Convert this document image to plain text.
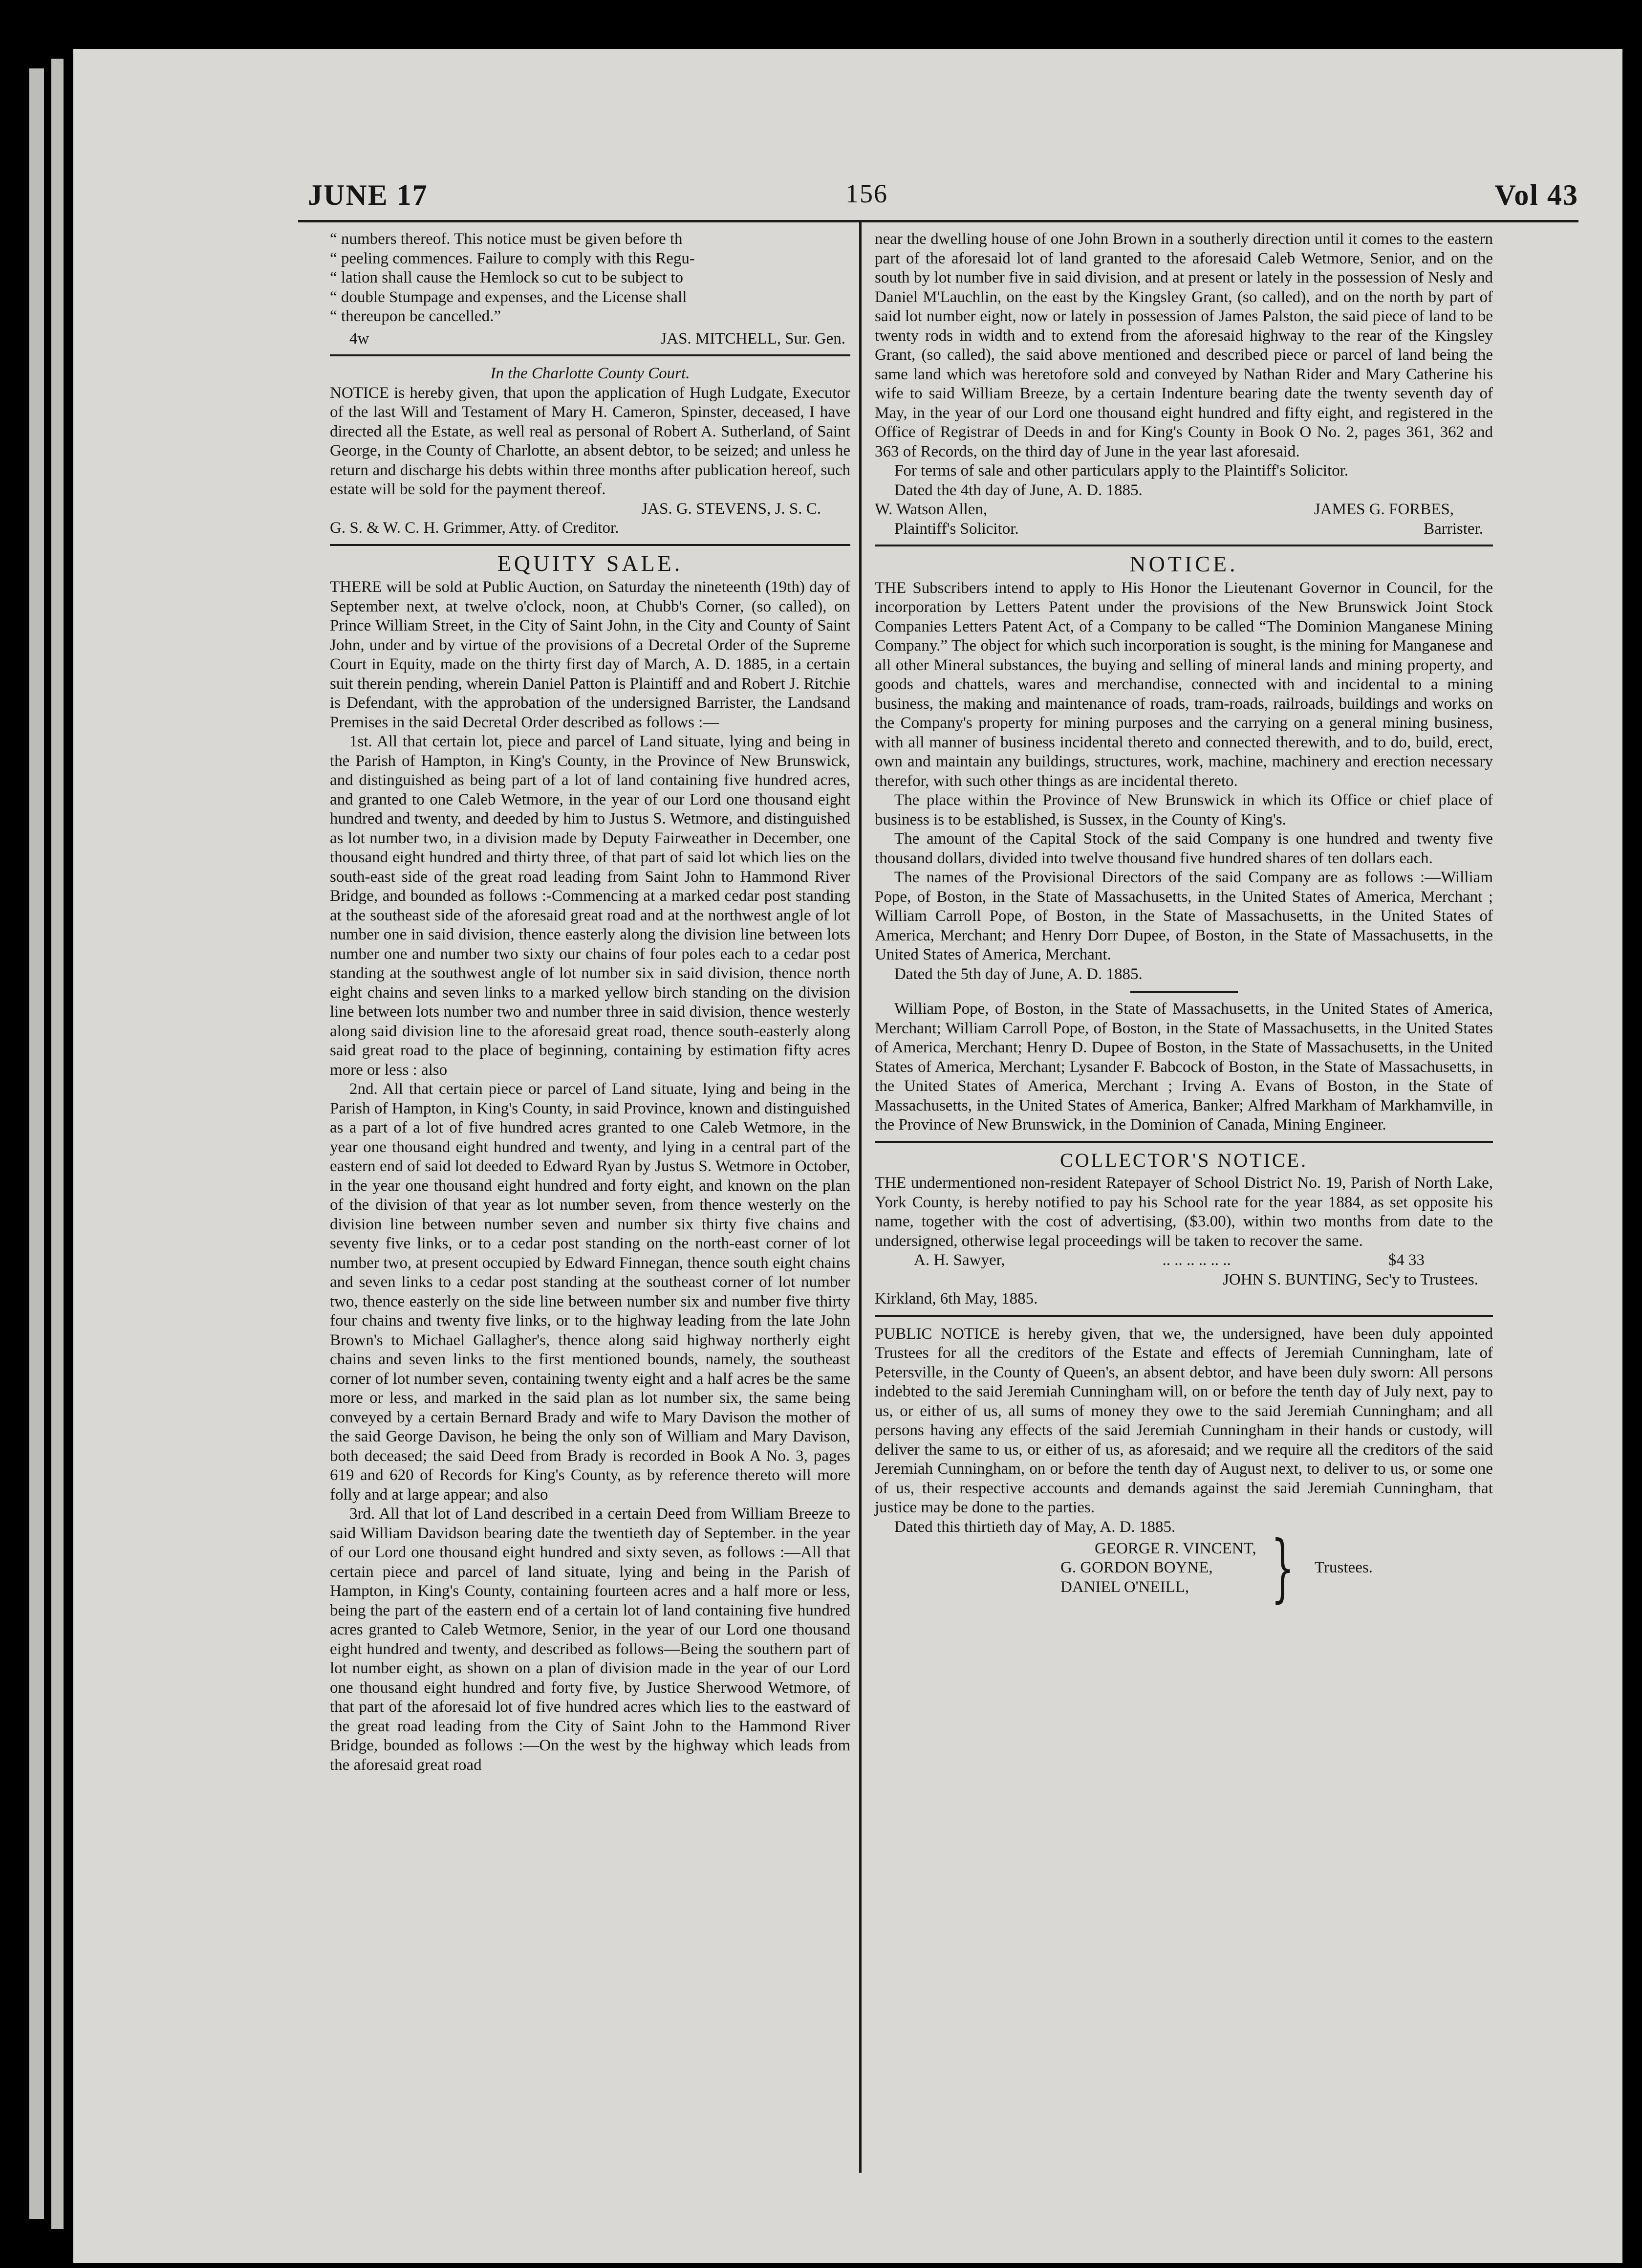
JUNE 17	156	Vol 43

“ numbers thereof. This notice must be given before th

“ peeling commences. Failure to comply with this Regu-

“ lation shall cause the Hemlock so cut to be subject to

“ double Stumpage and expenses, and the License shall

“ thereupon be cancelled.”

4w	JAS. MITCHELL, Sur. Gen.

In the Charlotte County Court.

NOTICE is hereby given, that upon the application of Hugh Ludgate, Executor of the last Will and Testament of Mary H. Cameron, Spinster, deceased, I have directed all the Estate, as well real as personal of Robert A. Sutherland, of Saint George, in the County of Charlotte, an absent debtor, to be seized; and unless he return and discharge his debts within three months after publication hereof, such estate will be sold for the payment thereof.

JAS. G. STEVENS, J. S. C.

G. S. & W. C. H. Grimmer, Atty. of Creditor.

EQUITY SALE.

THERE will be sold at Public Auction, on Saturday the nineteenth (19th) day of September next, at twelve o'clock, noon, at Chubb's Corner, (so called), on Prince William Street, in the City of Saint John, in the City and County of Saint John, under and by virtue of the provisions of a Decretal Order of the Supreme Court in Equity, made on the thirty first day of March, A. D. 1885, in a certain suit therein pending, wherein Daniel Patton is Plaintiff and and Robert J. Ritchie is Defendant, with the approbation of the undersigned Barrister, the Landsand Premises in the said Decretal Order described as follows :—

1st. All that certain lot, piece and parcel of Land situate, lying and being in the Parish of Hampton, in King's County, in the Province of New Brunswick, and distinguished as being part of a lot of land containing five hundred acres, and granted to one Caleb Wetmore, in the year of our Lord one thousand eight hundred and twenty, and deeded by him to Justus S. Wetmore, and distinguished as lot number two, in a division made by Deputy Fairweather in December, one thousand eight hundred and thirty three, of that part of said lot which lies on the south-east side of the great road leading from Saint John to Hammond River Bridge, and bounded as follows :-Commencing at a marked cedar post standing at the southeast side of the aforesaid great road and at the northwest angle of lot number one in said division, thence easterly along the division line between lots number one and number two sixty our chains of four poles each to a cedar post standing at the southwest angle of lot number six in said division, thence north eight chains and seven links to a marked yellow birch standing on the division line between lots number two and number three in said division, thence westerly along said division line to the aforesaid great road, thence south-easterly along said great road to the place of beginning, containing by estimation fifty acres more or less : also

2nd. All that certain piece or parcel of Land situate, lying and being in the Parish of Hampton, in King's County, in said Province, known and distinguished as a part of a lot of five hundred acres granted to one Caleb Wetmore, in the year one thousand eight hundred and twenty, and lying in a central part of the eastern end of said lot deeded to Edward Ryan by Justus S. Wetmore in October, in the year one thousand eight hundred and forty eight, and known on the plan of the division of that year as lot number seven, from thence westerly on the division line between number seven and number six thirty five chains and seventy five links, or to a cedar post standing on the north-east corner of lot number two, at present occupied by Edward Finnegan, thence south eight chains and seven links to a cedar post standing at the southeast corner of lot number two, thence easterly on the side line between number six and number five thirty four chains and twenty five links, or to the highway leading from the late John Brown's to Michael Gallagher's, thence along said highway northerly eight chains and seven links to the first mentioned bounds, namely, the southeast corner of lot number seven, containing twenty eight and a half acres be the same more or less, and marked in the said plan as lot number six, the same being conveyed by a certain Bernard Brady and wife to Mary Davison the mother of the said George Davison, he being the only son of William and Mary Davison, both deceased; the said Deed from Brady is recorded in Book A No. 3, pages 619 and 620 of Records for King's County, as by reference thereto will more folly and at large appear; and also

3rd. All that lot of Land described in a certain Deed from William Breeze to said William Davidson bearing date the twentieth day of September. in the year of our Lord one thousand eight hundred and sixty seven, as follows :—All that certain piece and parcel of land situate, lying and being in the Parish of Hampton, in King's County, containing fourteen acres and a half more or less, being the part of the eastern end of a certain lot of land containing five hundred acres granted to Caleb Wetmore, Senior, in the year of our Lord one thousand eight hundred and twenty, and described as follows—Being the southern part of lot number eight, as shown on a plan of division made in the year of our Lord one thousand eight hundred and forty five, by Justice Sherwood Wetmore, of that part of the aforesaid lot of five hundred acres which lies to the eastward of the great road leading from the City of Saint John to the Hammond River Bridge, bounded as follows :—On the west by the highway which leads from the aforesaid great road

near the dwelling house of one John Brown in a southerly direction until it comes to the eastern part of the aforesaid lot of land granted to the aforesaid Caleb Wetmore, Senior, and on the south by lot number five in said division, and at present or lately in the possession of Nesly and Daniel M'Lauchlin, on the east by the Kingsley Grant, (so called), and on the north by part of said lot number eight, now or lately in possession of James Palston, the said piece of land to be twenty rods in width and to extend from the aforesaid highway to the rear of the Kingsley Grant, (so called), the said above mentioned and described piece or parcel of land being the same land which was heretofore sold and conveyed by Nathan Rider and Mary Catherine his wife to said William Breeze, by a certain Indenture bearing date the twenty seventh day of May, in the year of our Lord one thousand eight hundred and fifty eight, and registered in the Office of Registrar of Deeds in and for King's County in Book O No. 2, pages 361, 362 and 363 of Records, on the third day of June in the year last aforesaid.

For terms of sale and other particulars apply to the Plaintiff's Solicitor.

Dated the 4th day of June, A. D. 1885.

W. Watson Allen,	JAMES G. FORBES,
Plaintiff's Solicitor.	Barrister.
NOTICE.

THE Subscribers intend to apply to His Honor the Lieutenant Governor in Council, for the incorporation by Letters Patent under the provisions of the New Brunswick Joint Stock Companies Letters Patent Act, of a Company to be called “The Dominion Manganese Mining Company.” The object for which such incorporation is sought, is the mining for Manganese and all other Mineral substances, the buying and selling of mineral lands and mining property, and goods and chattels, wares and merchandise, connected with and incidental to a mining business, the making and maintenance of roads, tram-roads, railroads, buildings and works on the Company's property for mining purposes and the carrying on a general mining business, with all manner of business incidental thereto and connected therewith, and to do, build, erect, own and maintain any buildings, structures, work, machine, machinery and erection necessary therefor, with such other things as are incidental thereto.

The place within the Province of New Brunswick in which its Office or chief place of business is to be established, is Sussex, in the County of King's.

The amount of the Capital Stock of the said Company is one hundred and twenty five thousand dollars, divided into twelve thousand five hundred shares of ten dollars each.

The names of the Provisional Directors of the said Company are as follows :—William Pope, of Boston, in the State of Massachusetts, in the United States of America, Merchant ; William Carroll Pope, of Boston, in the State of Massachusetts, in the United States of America, Merchant; and Henry Dorr Dupee, of Boston, in the State of Massachusetts, in the United States of America, Merchant.

Dated the 5th day of June, A. D. 1885.

William Pope, of Boston, in the State of Massachusetts, in the United States of America, Merchant; William Carroll Pope, of Boston, in the State of Massachusetts, in the United States of America, Merchant; Henry D. Dupee of Boston, in the State of Massachusetts, in the United States of America, Merchant; Lysander F. Babcock of Boston, in the State of Massachusetts, in the United States of America, Merchant ; Irving A. Evans of Boston, in the State of Massachusetts, in the United States of America, Banker; Alfred Markham of Markhamville, in the Province of New Brunswick, in the Dominion of Canada, Mining Engineer.

COLLECTOR'S NOTICE.

THE undermentioned non-resident Ratepayer of School District No. 19, Parish of North Lake, York County, is hereby notified to pay his School rate for the year 1884, as set opposite his name, together with the cost of advertising, ($3.00), within two months from date to the undersigned, otherwise legal proceedings will be taken to recover the same.

A. H. Sawyer,	.. .. .. .. .. ..	$4 33

JOHN S. BUNTING, Sec'y to Trustees.

Kirkland, 6th May, 1885.

PUBLIC NOTICE is hereby given, that we, the undersigned, have been duly appointed Trustees for all the creditors of the Estate and effects of Jeremiah Cunningham, late of Petersville, in the County of Queen's, an absent debtor, and have been duly sworn: All persons indebted to the said Jeremiah Cunningham will, on or before the tenth day of July next, pay to us, or either of us, all sums of money they owe to the said Jeremiah Cunningham; and all persons having any effects of the said Jeremiah Cunningham in their hands or custody, will deliver the same to us, or either of us, as aforesaid; and we require all the creditors of the said Jeremiah Cunningham, on or before the tenth day of August next, to deliver to us, or some one of us, their respective accounts and demands against the said Jeremiah Cunningham, that justice may be done to the parties.

Dated this thirtieth day of May, A. D. 1885.

GEORGE R. VINCENT,
G. GORDON BOYNE,
DANIEL O'NEILL,	} Trustees.
